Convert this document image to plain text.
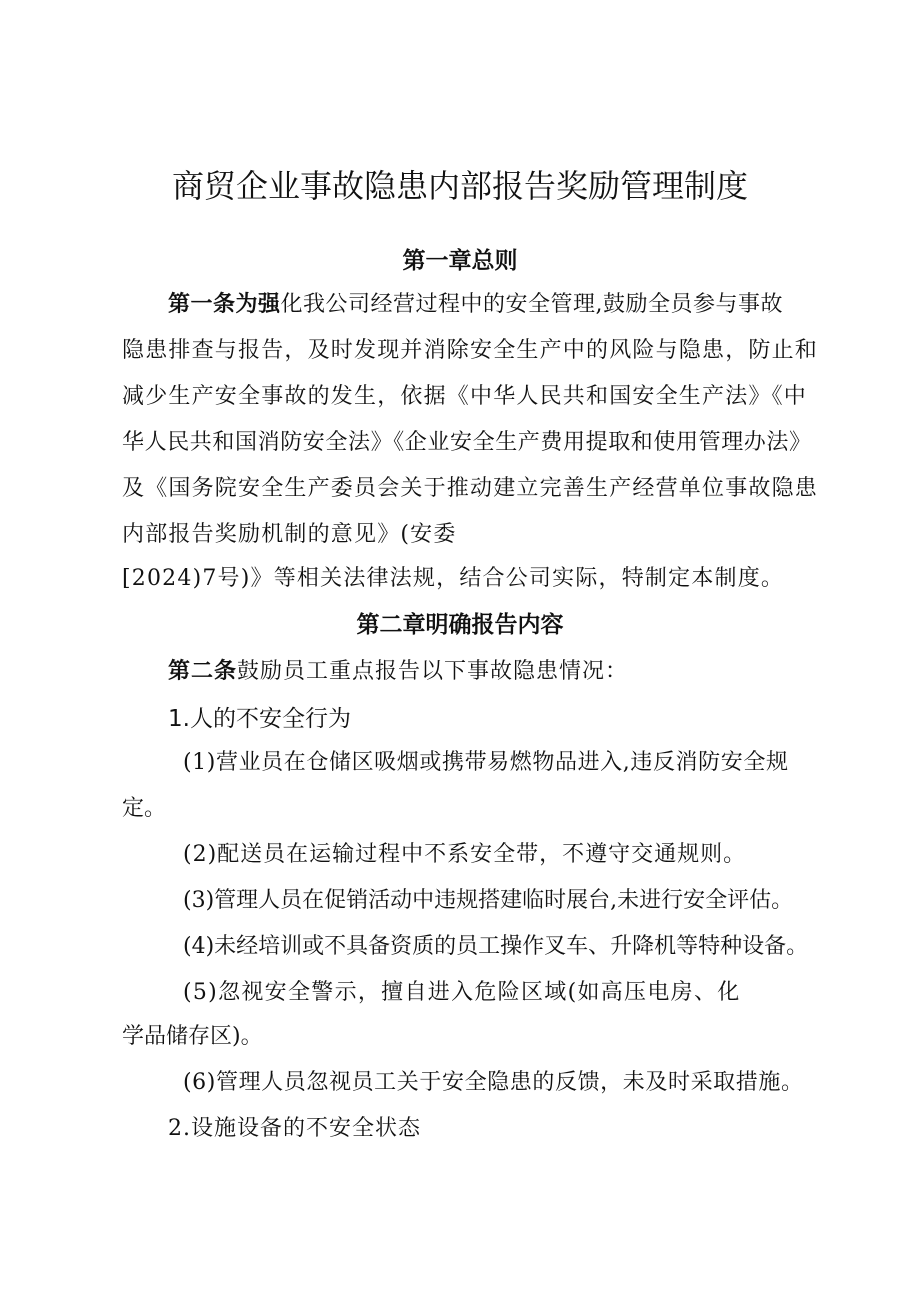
商贸企业事故隐患内部报告奖励管理制度
第一章总则

第一条为强化我公司经营过程中的安全管理,鼓励全员参与事故

隐患排查与报告，及时发现并消除安全生产中的风险与隐患，防止和

减少生产安全事故的发生，依据《中华人民共和国安全生产法》《中

华人民共和国消防安全法》《企业安全生产费用提取和使用管理办法》

及《国务院安全生产委员会关于推动建立完善生产经营单位事故隐患

内部报告奖励机制的意见》(安委

[2024)7号)》等相关法律法规，结合公司实际，特制定本制度。

第二章明确报告内容

第二条鼓励员工重点报告以下事故隐患情况：

1.人的不安全行为

(1)营业员在仓储区吸烟或携带易燃物品进入,违反消防安全规

定。

(2)配送员在运输过程中不系安全带，不遵守交通规则。

(3)管理人员在促销活动中违规搭建临时展台,未进行安全评估。

(4)未经培训或不具备资质的员工操作叉车、升降机等特种设备。

(5)忽视安全警示，擅自进入危险区域(如高压电房、化

学品储存区)。

(6)管理人员忽视员工关于安全隐患的反馈，未及时采取措施。

2.设施设备的不安全状态
